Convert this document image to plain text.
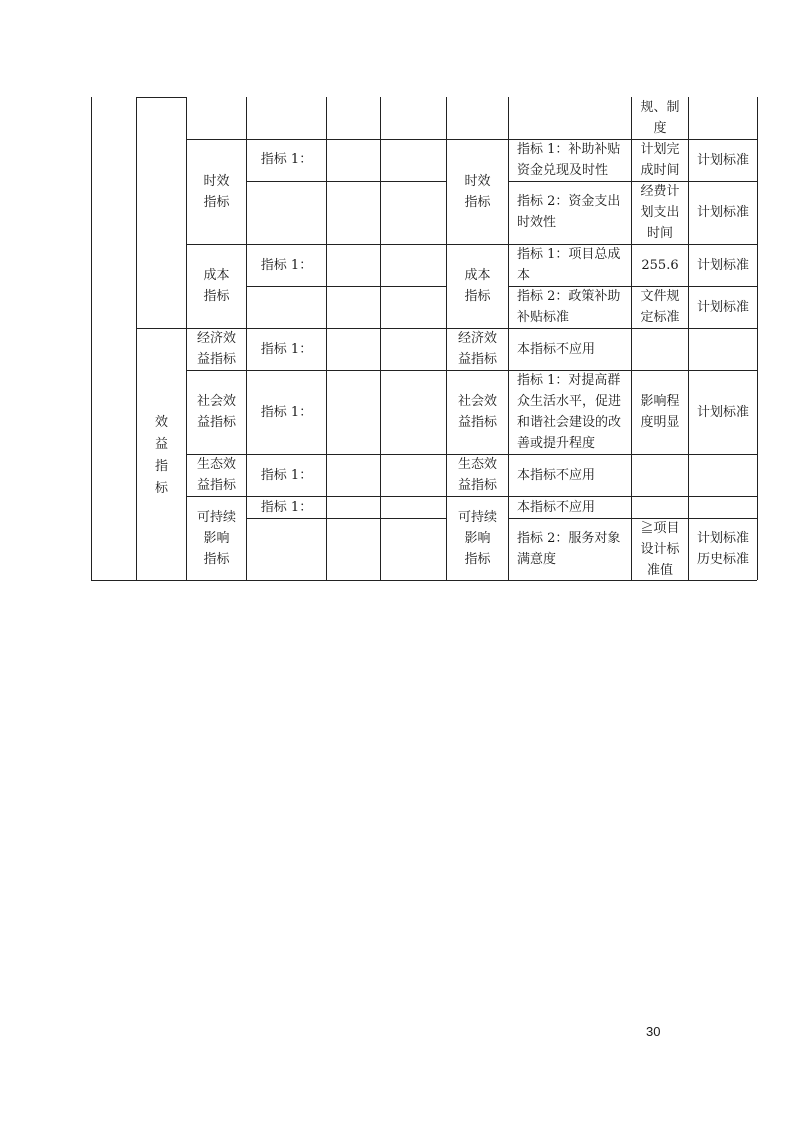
规、制
度
时效
指标
指标 1：
时效
指标
指标 1：补助补贴
资金兑现及时性
计划完
成时间
计划标准
指标 2：资金支出
时效性
经费计
划支出
时间
计划标准
成本
指标
指标 1：
成本
指标
指标 1：项目总成
本
255.6	计划标准
指标 2：政策补助
补贴标准
文件规
定标准
计划标准
效
益
指
标
经济效
益指标
指标 1：
经济效
益指标
本指标不应用
社会效
益指标
指标 1：
社会效
益指标
指标 1：对提高群
众生活水平，促进
和谐社会建设的改
善或提升程度
影响程
度明显
计划标准
生态效
益指标
指标 1：
生态效
益指标
本指标不应用
可持续
影响
指标
指标 1：
可持续
影响
指标
本指标不应用
指标 2：服务对象
满意度
≧项目
设计标
准值
计划标准
历史标准
30
